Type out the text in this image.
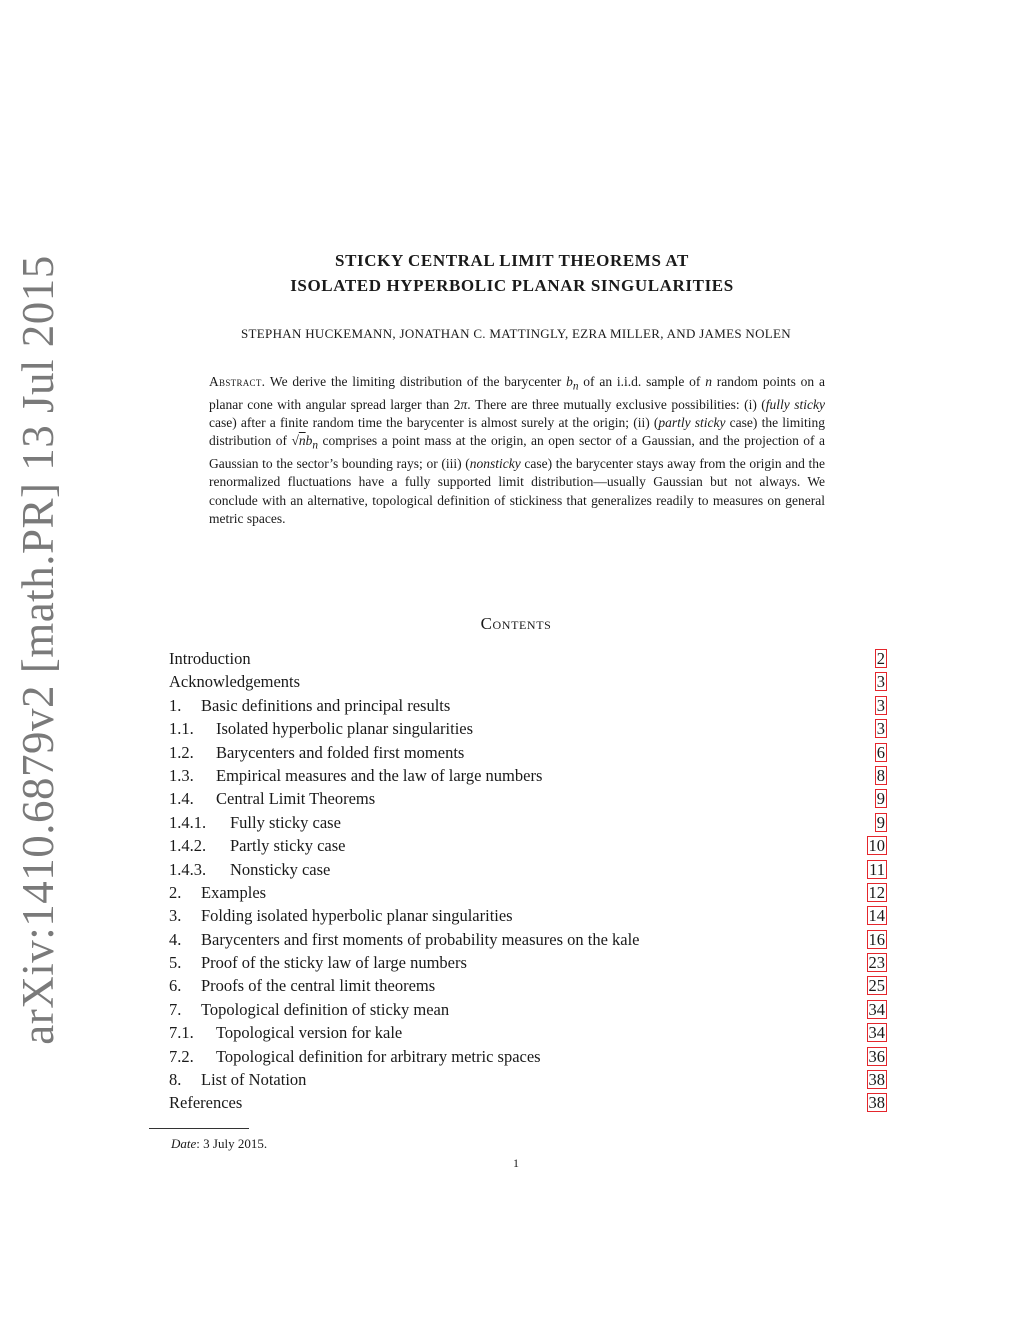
arXiv:1410.6879v2 [math.PR] 13 Jul 2015	STICKY CENTRAL LIMIT THEOREMS AT
ISOLATED HYPERBOLIC PLANAR SINGULARITIES
STEPHAN HUCKEMANN, JONATHAN C. MATTINGLY, EZRA MILLER, AND JAMES NOLEN
Abstract. We derive the limiting distribution of the barycenter $b_n$ of an i.i.d. sample of n random points on a planar cone with angular spread larger than 2π. There are three mutually exclusive possibilities: (i) (fully sticky case) after a finite random time the barycenter is almost surely at the origin; (ii) (partly sticky case) the limiting distribution of $√nb_n$ comprises a point mass at the origin, an open sector of a Gaussian, and the projection of a Gaussian to the sector’s bounding rays; or (iii) (nonsticky case) the barycenter stays away from the origin and the renormalized fluctuations have a fully supported limit distribution—usually Gaussian but not always. We conclude with an alternative, topological definition of stickiness that generalizes readily to measures on general metric spaces.
Contents
Introduction	2
Acknowledgements	3
1. Basic definitions and principal results	3
1.1. Isolated hyperbolic planar singularities	3
1.2. Barycenters and folded first moments	6
1.3. Empirical measures and the law of large numbers	8
1.4. Central Limit Theorems	9
1.4.1. Fully sticky case	9
1.4.2. Partly sticky case	10
1.4.3. Nonsticky case	11
2. Examples	12
3. Folding isolated hyperbolic planar singularities	14
4. Barycenters and first moments of probability measures on the kale	16
5. Proof of the sticky law of large numbers	23
6. Proofs of the central limit theorems	25
7. Topological definition of sticky mean	34
7.1. Topological version for kale	34
7.2. Topological definition for arbitrary metric spaces	36
8. List of Notation	38
References	38
Date: 3 July 2015.
1
